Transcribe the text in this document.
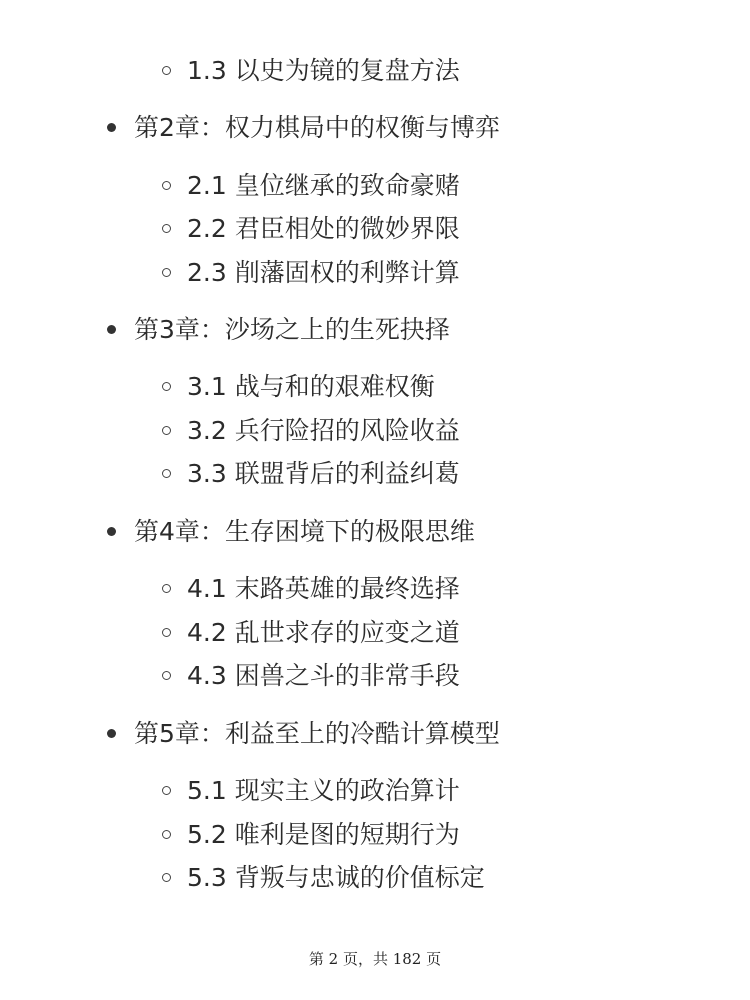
1.3 以史为镜的复盘方法
第2章：权力棋局中的权衡与博弈
2.1 皇位继承的致命豪赌
2.2 君臣相处的微妙界限
2.3 削藩固权的利弊计算
第3章：沙场之上的生死抉择
3.1 战与和的艰难权衡
3.2 兵行险招的风险收益
3.3 联盟背后的利益纠葛
第4章：生存困境下的极限思维
4.1 末路英雄的最终选择
4.2 乱世求存的应变之道
4.3 困兽之斗的非常手段
第5章：利益至上的冷酷计算模型
5.1 现实主义的政治算计
5.2 唯利是图的短期行为
5.3 背叛与忠诚的价值标定
第 2 页，共 182 页
